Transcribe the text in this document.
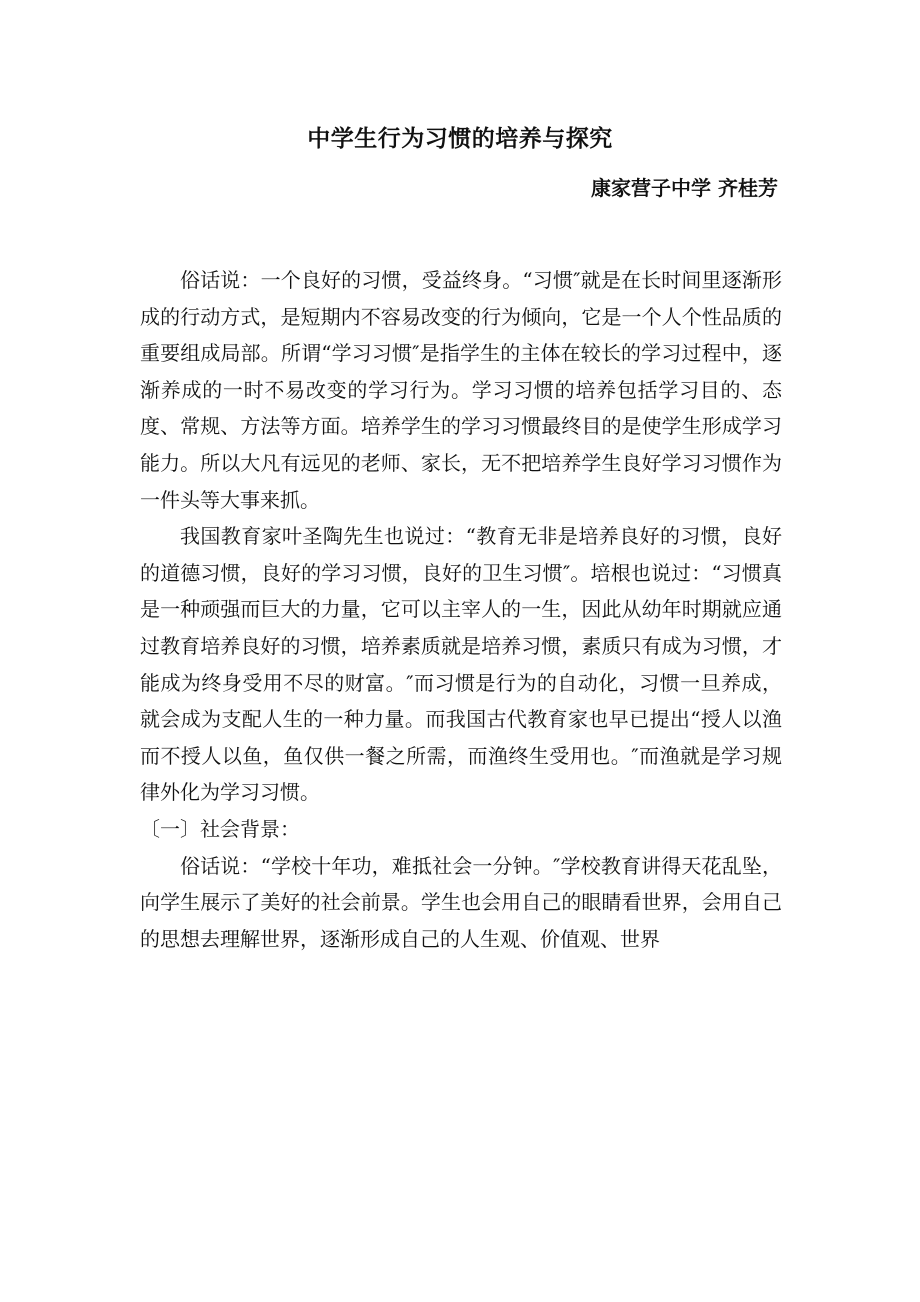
中学生行为习惯的培养与探究
康家营子中学 齐桂芳

俗话说：一个良好的习惯，受益终身。“习惯″就是在长时间里逐渐形成的行动方式，是短期内不容易改变的行为倾向，它是一个人个性品质的重要组成局部。所谓“学习习惯″是指学生的主体在较长的学习过程中，逐渐养成的一时不易改变的学习行为。学习习惯的培养包括学习目的、态度、常规、方法等方面。培养学生的学习习惯最终目的是使学生形成学习能力。所以大凡有远见的老师、家长，无不把培养学生良好学习习惯作为一件头等大事来抓。

我国教育家叶圣陶先生也说过：“教育无非是培养良好的习惯，良好的道德习惯，良好的学习习惯，良好的卫生习惯″。培根也说过：“习惯真是一种顽强而巨大的力量，它可以主宰人的一生，因此从幼年时期就应通过教育培养良好的习惯，培养素质就是培养习惯，素质只有成为习惯，才能成为终身受用不尽的财富。″而习惯是行为的自动化，习惯一旦养成，就会成为支配人生的一种力量。而我国古代教育家也早已提出“授人以渔而不授人以鱼，鱼仅供一餐之所需，而渔终生受用也。″而渔就是学习规律外化为学习习惯。

〔一〕社会背景：

俗话说：“学校十年功，难抵社会一分钟。″学校教育讲得天花乱坠，向学生展示了美好的社会前景。学生也会用自己的眼睛看世界，会用自己的思想去理解世界，逐渐形成自己的人生观、价值观、世界
